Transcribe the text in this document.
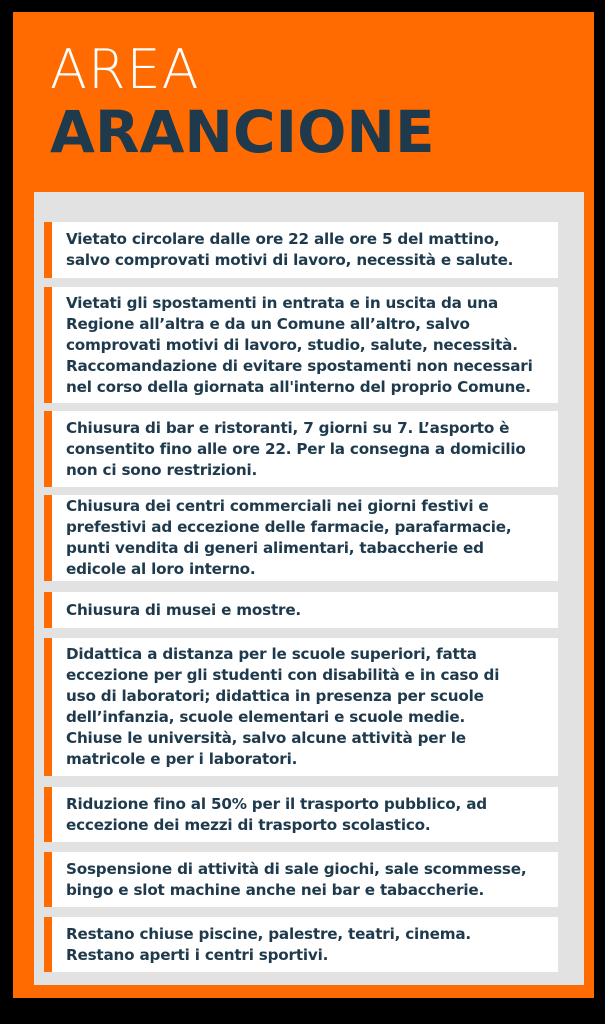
AREA
ARANCIONE
Vietato circolare dalle ore 22 alle ore 5 del mattino,
salvo comprovati motivi di lavoro, necessità e salute.
Vietati gli spostamenti in entrata e in uscita da una
Regione all’altra e da un Comune all’altro, salvo
comprovati motivi di lavoro, studio, salute, necessità.
Raccomandazione di evitare spostamenti non necessari
nel corso della giornata all'interno del proprio Comune.
Chiusura di bar e ristoranti, 7 giorni su 7. L’asporto è
consentito fino alle ore 22. Per la consegna a domicilio
non ci sono restrizioni.
Chiusura dei centri commerciali nei giorni festivi e
prefestivi ad eccezione delle farmacie, parafarmacie,
punti vendita di generi alimentari, tabaccherie ed
edicole al loro interno.
Chiusura di musei e mostre.
Didattica a distanza per le scuole superiori, fatta
eccezione per gli studenti con disabilità e in caso di
uso di laboratori; didattica in presenza per scuole
dell’infanzia, scuole elementari e scuole medie.
Chiuse le università, salvo alcune attività per le
matricole e per i laboratori.
Riduzione fino al 50% per il trasporto pubblico, ad
eccezione dei mezzi di trasporto scolastico.
Sospensione di attività di sale giochi, sale scommesse,
bingo e slot machine anche nei bar e tabaccherie.
Restano chiuse piscine, palestre, teatri, cinema.
Restano aperti i centri sportivi.
